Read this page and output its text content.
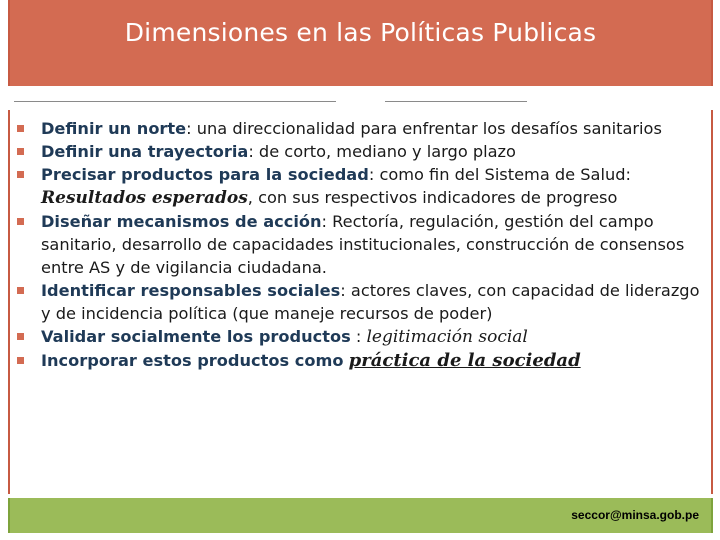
Dimensiones en las Políticas Publicas
Definir un norte: una direccionalidad para enfrentar los desafíos sanitarios
Definir una trayectoria: de corto, mediano y largo plazo
Precisar productos para la sociedad: como fin del Sistema de Salud: Resultados esperados, con sus respectivos indicadores de progreso
Diseñar mecanismos de acción: Rectoría, regulación, gestión del campo sanitario, desarrollo de capacidades institucionales, construcción de consensos entre AS y de vigilancia ciudadana.
Identificar responsables sociales: actores claves, con capacidad de liderazgo y de incidencia política (que maneje recursos de poder)
Validar socialmente los productos : legitimación social
Incorporar estos productos como práctica de la sociedad
seccor@minsa.gob.pe
